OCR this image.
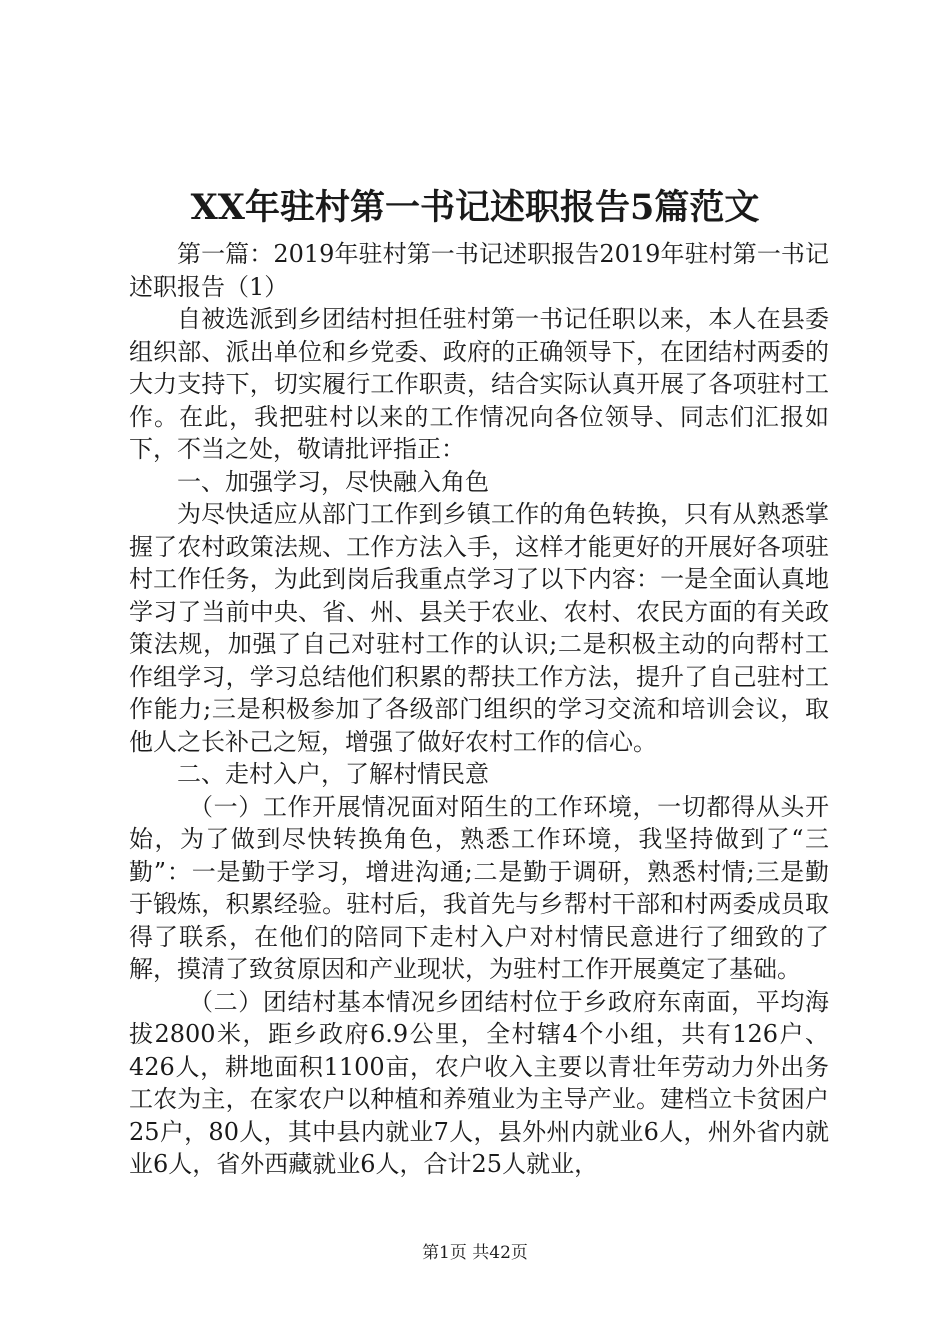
XX年驻村第一书记述职报告5篇范文

第一篇：2019年驻村第一书记述职报告2019年驻村第一书记述职报告（1）

自被选派到乡团结村担任驻村第一书记任职以来，本人在县委组织部、派出单位和乡党委、政府的正确领导下，在团结村两委的大力支持下，切实履行工作职责，结合实际认真开展了各项驻村工作。在此，我把驻村以来的工作情况向各位领导、同志们汇报如下，不当之处，敬请批评指正：

一、加强学习，尽快融入角色

为尽快适应从部门工作到乡镇工作的角色转换，只有从熟悉掌握了农村政策法规、工作方法入手，这样才能更好的开展好各项驻村工作任务，为此到岗后我重点学习了以下内容：一是全面认真地学习了当前中央、省、州、县关于农业、农村、农民方面的有关政策法规，加强了自己对驻村工作的认识;二是积极主动的向帮村工作组学习，学习总结他们积累的帮扶工作方法，提升了自己驻村工作能力;三是积极参加了各级部门组织的学习交流和培训会议，取他人之长补己之短，增强了做好农村工作的信心。

二、走村入户，了解村情民意

（一）工作开展情况面对陌生的工作环境，一切都得从头开始，为了做到尽快转换角色，熟悉工作环境，我坚持做到了“三勤”：一是勤于学习，增进沟通;二是勤于调研，熟悉村情;三是勤于锻炼，积累经验。驻村后，我首先与乡帮村干部和村两委成员取得了联系，在他们的陪同下走村入户对村情民意进行了细致的了解，摸清了致贫原因和产业现状，为驻村工作开展奠定了基础。

（二）团结村基本情况乡团结村位于乡政府东南面，平均海拔2800米，距乡政府6.9公里，全村辖4个小组，共有126户、426人，耕地面积1100亩，农户收入主要以青壮年劳动力外出务工农为主，在家农户以种植和养殖业为主导产业。建档立卡贫困户25户，80人，其中县内就业7人，县外州内就业6人，州外省内就业6人，省外西藏就业6人，合计25人就业，

第1页 共42页
